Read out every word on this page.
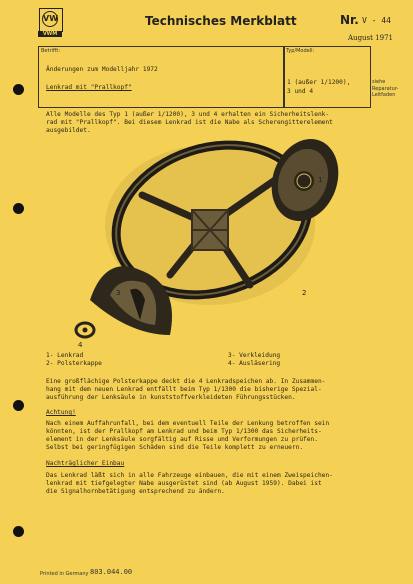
VW
VWM
Technisches Merkblatt	Nr. V - 44
August 1971
Betrifft:	Typ/Modell:
Änderungen zum Modelljahr 1972
Lenkrad mit "Prallkopf"
1 (außer 1/1200),
3 und 4
siehe
Reparatur-
Leitfaden
Alle Modelle des Typ 1 (außer 1/1200), 3 und 4 erhalten ein Sicherheitslenk-
rad mit "Prallkopf". Bei diesem Lenkrad ist die Nabe als Scherengitterelement
ausgebildet.
1
2
3
4
1- Lenkrad
2- Polsterkappe
3- Verkleidung
4- Ausläsering
Eine großflächige Polsterkappe deckt die 4 Lenkradspeichen ab. In Zusammen-
hang mit dem neuen Lenkrad entfällt beim Typ 1/1300 die bisherige Spezial-
ausführung der Lenksäule in kunststoffverkleideten Führungsstücken.
Achtung!
Nach einem Auffahrunfall, bei dem eventuell Teile der Lenkung betroffen sein
könnten, ist der Prallkopf am Lenkrad und beim Typ 1/1300 das Sicherheits-
element in der Lenksäule sorgfältig auf Risse und Verformungen zu prüfen.
Selbst bei geringfügigen Schäden sind die Teile komplett zu erneuern.
Nachträglicher Einbau
Das Lenkrad läßt sich in alle Fahrzeuge einbauen, die mit einem Zweispeichen-
lenkrad mit tiefgelegter Nabe ausgerüstet sind (ab August 1959). Dabei ist
die Signalhornbetätigung entsprechend zu ändern.
Printed in Germany 803.044.00
